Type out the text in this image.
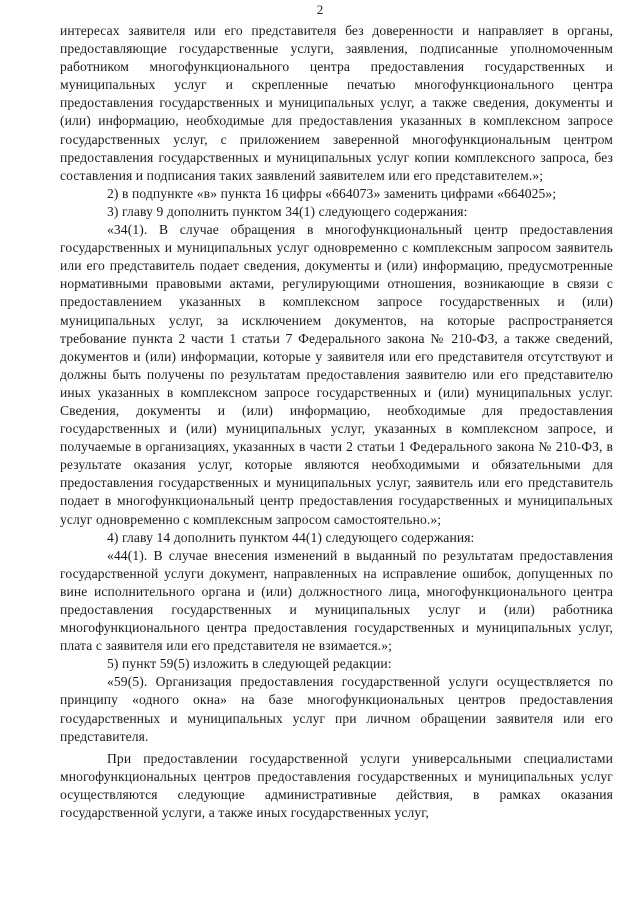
2

интересах заявителя или его представителя без доверенности и направляет в органы, предоставляющие государственные услуги, заявления, подписанные уполномоченным работником многофункционального центра предоставления государственных и муниципальных услуг и скрепленные печатью многофункционального центра предоставления государственных и муниципальных услуг, а также сведения, документы и (или) информацию, необходимые для предоставления указанных в комплексном запросе государственных услуг, с приложением заверенной многофункциональным центром предоставления государственных и муниципальных услуг копии комплексного запроса, без составления и подписания таких заявлений заявителем или его представителем.»;

2) в подпункте «в» пункта 16 цифры «664073» заменить цифрами «664025»;

3) главу 9 дополнить пунктом 34(1) следующего содержания:

«34(1). В случае обращения в многофункциональный центр предоставления государственных и муниципальных услуг одновременно с комплексным запросом заявитель или его представитель подает сведения, документы и (или) информацию, предусмотренные нормативными правовыми актами, регулирующими отношения, возникающие в связи с предоставлением указанных в комплексном запросе государственных и (или) муниципальных услуг, за исключением документов, на которые распространяется требование пункта 2 части 1 статьи 7 Федерального закона № 210-ФЗ, а также сведений, документов и (или) информации, которые у заявителя или его представителя отсутствуют и должны быть получены по результатам предоставления заявителю или его представителю иных указанных в комплексном запросе государственных и (или) муниципальных услуг. Сведения, документы и (или) информацию, необходимые для предоставления государственных и (или) муниципальных услуг, указанных в комплексном запросе, и получаемые в организациях, указанных в части 2 статьи 1 Федерального закона № 210-ФЗ, в результате оказания услуг, которые являются необходимыми и обязательными для предоставления государственных и муниципальных услуг, заявитель или его представитель подает в многофункциональный центр предоставления государственных и муниципальных услуг одновременно с комплексным запросом самостоятельно.»;

4) главу 14 дополнить пунктом 44(1) следующего содержания:

«44(1). В случае внесения изменений в выданный по результатам предоставления государственной услуги документ, направленных на исправление ошибок, допущенных по вине исполнительного органа и (или) должностного лица, многофункционального центра предоставления государственных и муниципальных услуг и (или) работника многофункционального центра предоставления государственных и муниципальных услуг, плата с заявителя или его представителя не взимается.»;

5) пункт 59(5) изложить в следующей редакции:

«59(5). Организация предоставления государственной услуги осуществляется по принципу «одного окна» на базе многофункциональных центров предоставления государственных и муниципальных услуг при личном обращении заявителя или его представителя.

При предоставлении государственной услуги универсальными специалистами многофункциональных центров предоставления государственных и муниципальных услуг осуществляются следующие административные действия, в рамках оказания государственной услуги, а также иных государственных услуг,
